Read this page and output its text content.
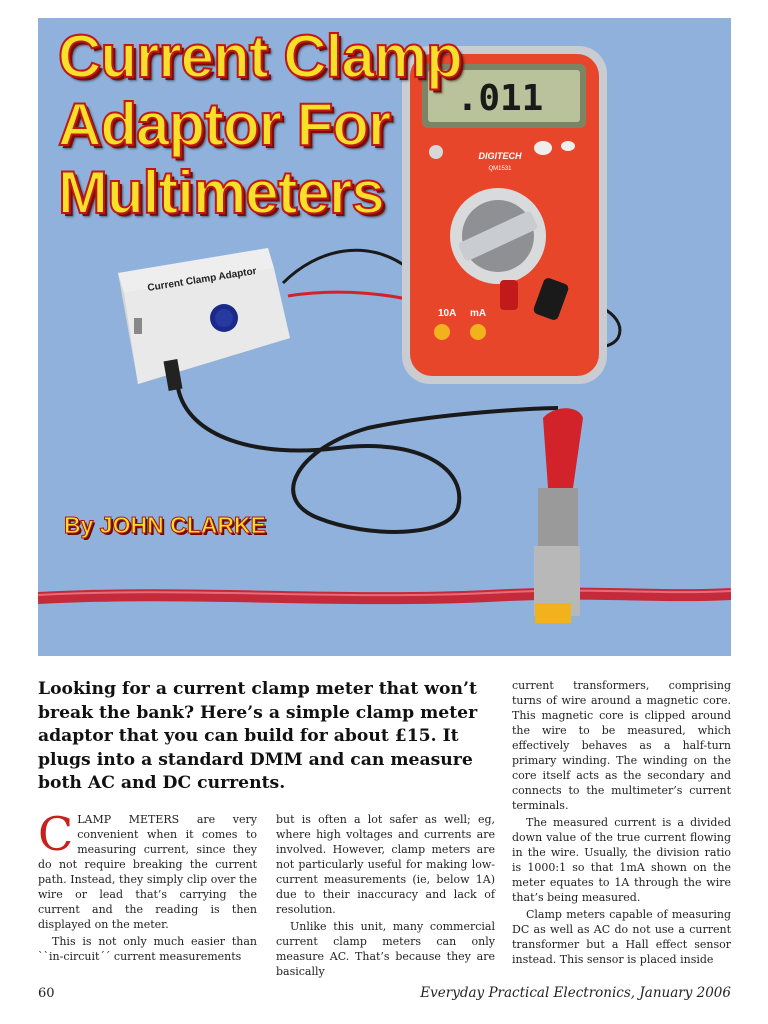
.011
DIGITECH
QM1531
10A mA
Current Clamp Adaptor
Current Clamp
Adaptor For
Multimeters
By JOHN CLARKE
Looking for a current clamp meter that won’t break the bank? Here’s a simple clamp meter adaptor that you can build for about £15. It plugs into a standard DMM and can measure both AC and DC currents.

CLAMP METERS are very convenient when it comes to measuring current, since they do not require breaking the current path. Instead, they simply clip over the wire or lead that’s carrying the current and the reading is then displayed on the meter.

This is not only much easier than ``in-circuit´´ current measurements

but is often a lot safer as well; eg, where high voltages and currents are involved. However, clamp meters are not particularly useful for making low-current measurements (ie, below 1A) due to their inaccuracy and lack of resolution.

Unlike this unit, many commercial current clamp meters can only measure AC. That’s because they are basically

current transformers, comprising turns of wire around a magnetic core. This magnetic core is clipped around the wire to be measured, which effectively behaves as a half-turn primary winding. The winding on the core itself acts as the secondary and connects to the multimeter’s current terminals.

The measured current is a divided down value of the true current flowing in the wire. Usually, the division ratio is 1000:1 so that 1mA shown on the meter equates to 1A through the wire that’s being measured.

Clamp meters capable of measuring DC as well as AC do not use a current transformer but a Hall effect sensor instead. This sensor is placed inside

60	Everyday Practical Electronics, January 2006
